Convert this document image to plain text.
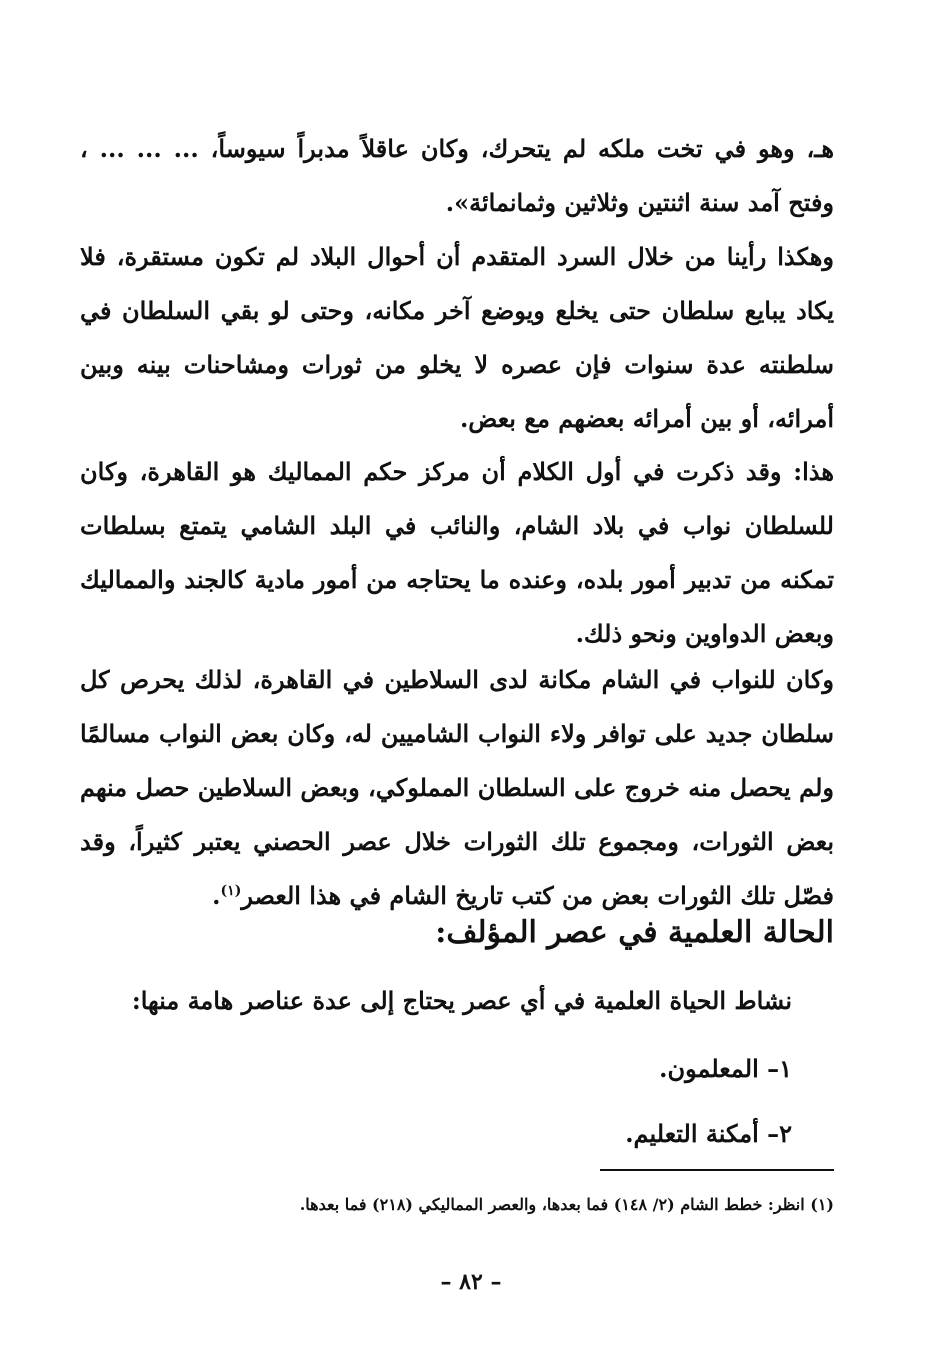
هـ، وهو في تخت ملكه لم يتحرك، وكان عاقلاً مدبراً سيوساً، ... ... ... ، وفتح آمد سنة اثنتين وثلاثين وثمانمائة».

وهكذا رأينا من خلال السرد المتقدم أن أحوال البلاد لم تكون مستقرة، فلا يكاد يبايع سلطان حتى يخلع ويوضع آخر مكانه، وحتى لو بقي السلطان في سلطنته عدة سنوات فإن عصره لا يخلو من ثورات ومشاحنات بينه وبين أمرائه، أو بين أمرائه بعضهم مع بعض.

هذا: وقد ذكرت في أول الكلام أن مركز حكم المماليك هو القاهرة، وكان للسلطان نواب في بلاد الشام، والنائب في البلد الشامي يتمتع بسلطات تمكنه من تدبير أمور بلده، وعنده ما يحتاجه من أمور مادية كالجند والمماليك وبعض الدواوين ونحو ذلك.

وكان للنواب في الشام مكانة لدى السلاطين في القاهرة، لذلك يحرص كل سلطان جديد على توافر ولاء النواب الشاميين له، وكان بعض النواب مسالمًا ولم يحصل منه خروج على السلطان المملوكي، وبعض السلاطين حصل منهم بعض الثورات، ومجموع تلك الثورات خلال عصر الحصني يعتبر كثيراً، وقد فصّل تلك الثورات بعض من كتب تاريخ الشام في هذا العصر$^{(١)}$.

الحالة العلمية في عصر المؤلف:
نشاط الحياة العلمية في أي عصر يحتاج إلى عدة عناصر هامة منها:
١– المعلمون.
٢– أمكنة التعليم.
(١) انظر: خطط الشام (٢/ ١٤٨) فما بعدها، والعصر المماليكي (٢١٨) فما بعدها.
– ٨٢ –
